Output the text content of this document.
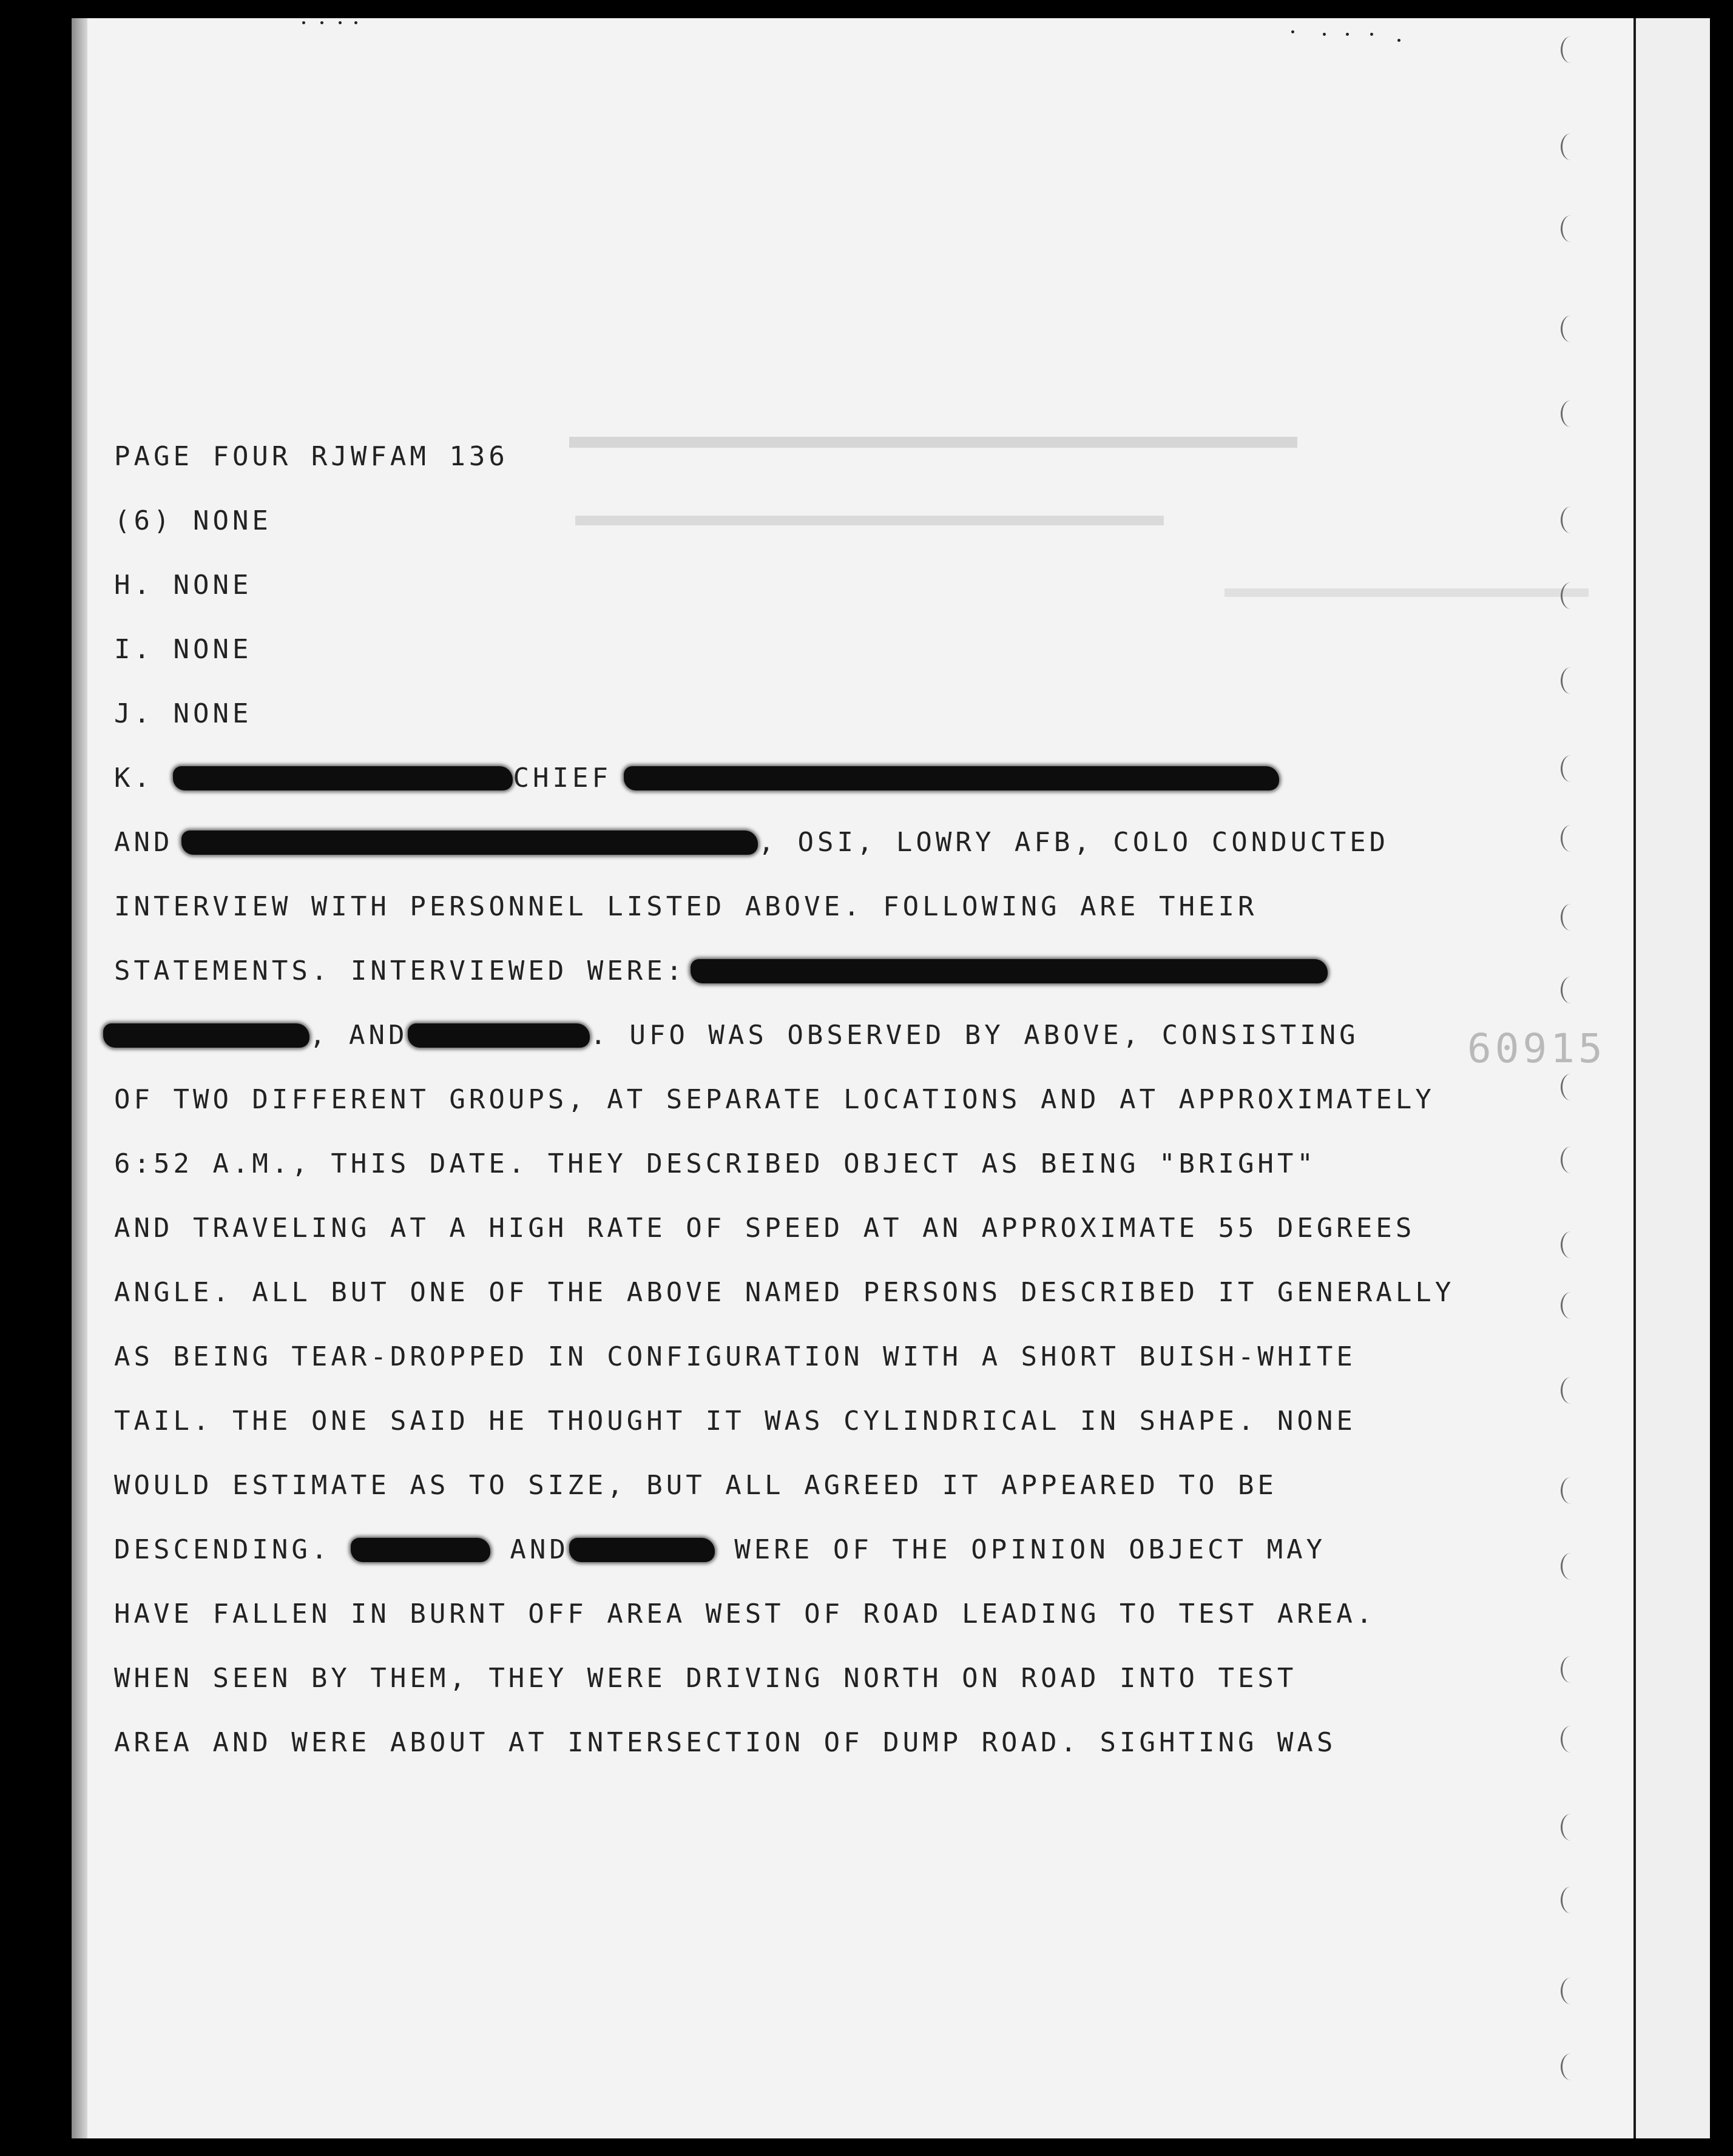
60915
PAGE FOUR RJWFAM 136
(6) NONE
H. NONE
I. NONE
J. NONE
K.	CHIEF
AND	, OSI, LOWRY AFB, COLO CONDUCTED
INTERVIEW WITH PERSONNEL LISTED ABOVE. FOLLOWING ARE THEIR
STATEMENTS. INTERVIEWED WERE:
, AND	. UFO WAS OBSERVED BY ABOVE, CONSISTING
OF TWO DIFFERENT GROUPS, AT SEPARATE LOCATIONS AND AT APPROXIMATELY
6:52 A.M., THIS DATE. THEY DESCRIBED OBJECT AS BEING "BRIGHT"
AND TRAVELING AT A HIGH RATE OF SPEED AT AN APPROXIMATE 55 DEGREES
ANGLE. ALL BUT ONE OF THE ABOVE NAMED PERSONS DESCRIBED IT GENERALLY
AS BEING TEAR-DROPPED IN CONFIGURATION WITH A SHORT BUISH-WHITE
TAIL. THE ONE SAID HE THOUGHT IT WAS CYLINDRICAL IN SHAPE. NONE
WOULD ESTIMATE AS TO SIZE, BUT ALL AGREED IT APPEARED TO BE
DESCENDING.	AND	WERE OF THE OPINION OBJECT MAY
HAVE FALLEN IN BURNT OFF AREA WEST OF ROAD LEADING TO TEST AREA.
WHEN SEEN BY THEM, THEY WERE DRIVING NORTH ON ROAD INTO TEST
AREA AND WERE ABOUT AT INTERSECTION OF DUMP ROAD. SIGHTING WAS
